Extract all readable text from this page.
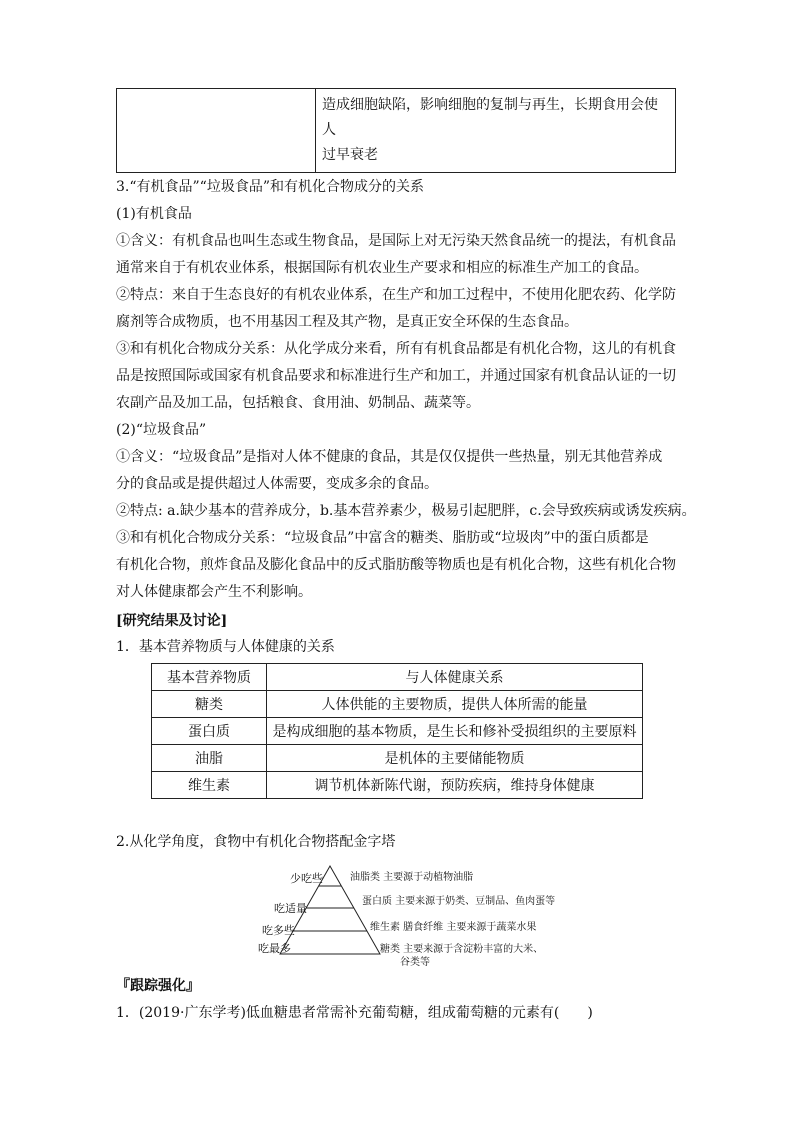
造成细胞缺陷，影响细胞的复制与再生，长期食用会使人
过早衰老
3.“有机食品”“垃圾食品”和有机化合物成分的关系
(1)有机食品
①含义：有机食品也叫生态或生物食品，是国际上对无污染天然食品统一的提法，有机食品
通常来自于有机农业体系，根据国际有机农业生产要求和相应的标准生产加工的食品。
②特点：来自于生态良好的有机农业体系，在生产和加工过程中，不使用化肥农药、化学防
腐剂等合成物质，也不用基因工程及其产物，是真正安全环保的生态食品。
③和有机化合物成分关系：从化学成分来看，所有有机食品都是有机化合物，这儿的有机食
品是按照国际或国家有机食品要求和标准进行生产和加工，并通过国家有机食品认证的一切
农副产品及加工品，包括粮食、食用油、奶制品、蔬菜等。
(2)“垃圾食品”
①含义：“垃圾食品”是指对人体不健康的食品，其是仅仅提供一些热量，别无其他营养成
分的食品或是提供超过人体需要，变成多余的食品。
②特点: a.缺少基本的营养成分，b.基本营养素少，极易引起肥胖，c.会导致疾病或诱发疾病。
③和有机化合物成分关系：“垃圾食品”中富含的糖类、脂肪或“垃圾肉”中的蛋白质都是
有机化合物，煎炸食品及膨化食品中的反式脂肪酸等物质也是有机化合物，这些有机化合物
对人体健康都会产生不利影响。
[研究结果及讨论]
1．基本营养物质与人体健康的关系
基本营养物质	与人体健康关系
糖类	人体供能的主要物质，提供人体所需的能量
蛋白质	是构成细胞的基本物质，是生长和修补受损组织的主要原料
油脂	是机体的主要储能物质
维生素	调节机体新陈代谢，预防疾病，维持身体健康
2.从化学角度，食物中有机化合物搭配金字塔
少吃些
吃适量
吃多些
吃最多
油脂类 主要源于动植物油脂
蛋白质 主要来源于奶类、豆制品、鱼肉蛋等
维生素 膳食纤维 主要来源于蔬菜水果
糖类 主要来源于含淀粉丰富的大米、
谷类等
『跟踪强化』
1．(2019·广东学考)低血糖患者常需补充葡萄糖，组成葡萄糖的元素有(　　)
